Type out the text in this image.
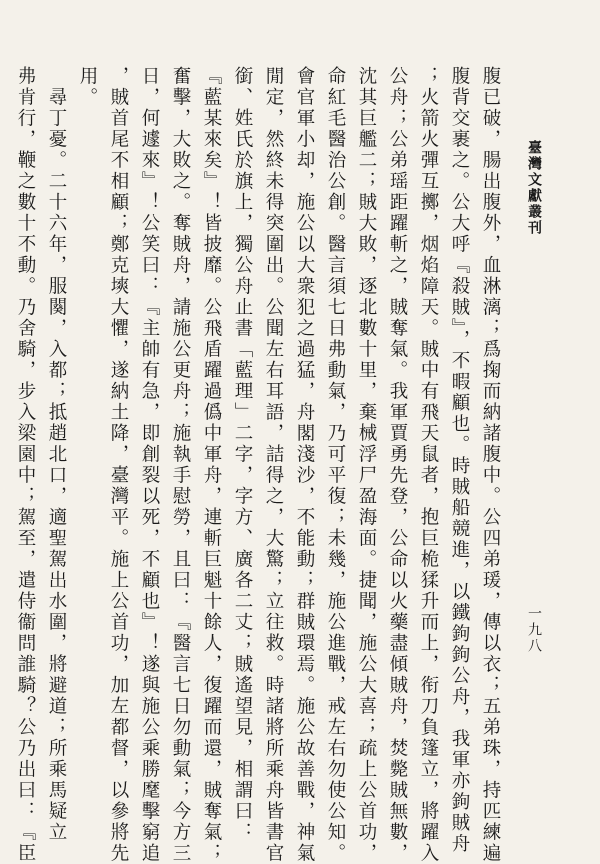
臺灣文獻叢刊
一九八
腹已破，腸出腹外，血淋漓；爲掬而納諸腹中。公四弟瑗，傳以衣；五弟珠，持匹練遍
腹背交裹之。公大呼『殺賊』，不暇顧也。時賊船競進，以鐵鉤鉤公舟，我軍亦鉤賊舟
；火箭火彈互擲，烟焰障天。賊中有飛天鼠者，抱巨桅猱升而上，衔刀負篷立，將躍入
公舟；公弟瑶距躍斬之，賊奪氣。我軍賈勇先登，公命以火藥盡傾賊舟，焚斃賊無數，
沈其巨艦二；賊大敗，逐北數十里，棄械浮尸盈海面。捷聞，施公大喜；疏上公首功，
命紅毛醫治公創。醫言須七日弗動氣，乃可平復；未幾，施公進戰，戒左右勿使公知。
會官軍小却，施公以大衆犯之過猛，舟閣淺沙，不能動；群賊環焉。施公故善戰，神氣
閒定，然終未得突圍出。公聞左右耳語，詰得之，大驚；立往救。時諸將所乘舟皆書官
銜、姓氏於旗上，獨公舟止書「藍理」二字，字方、廣各二丈；賊遙望見，相謂曰：
『藍某來矣』！皆披靡。公飛盾躍過僞中軍舟，連斬巨魁十餘人，復躍而還，賊奪氣；
奮擊，大敗之。奪賊舟，請施公更舟；施執手慰勞，且曰：『醫言七日勿動氣；今方三
日，何遽來』！公笑曰：『主帥有急，即創裂以死，不顧也』！遂與施公乘勝麾擊窮追
，賊首尾不相顧；鄭克塽大懼，遂納土降，臺灣平。施上公首功，加左都督，以參將先
用。
　尋丁憂。二十六年，服闋，入都；抵趙北口，適聖駕出水圍，將避道；所乘馬疑立
弗肯行，鞭之數十不動。乃舍騎，步入梁園中；駕至，遣侍衞問誰騎？公乃出曰：『臣
